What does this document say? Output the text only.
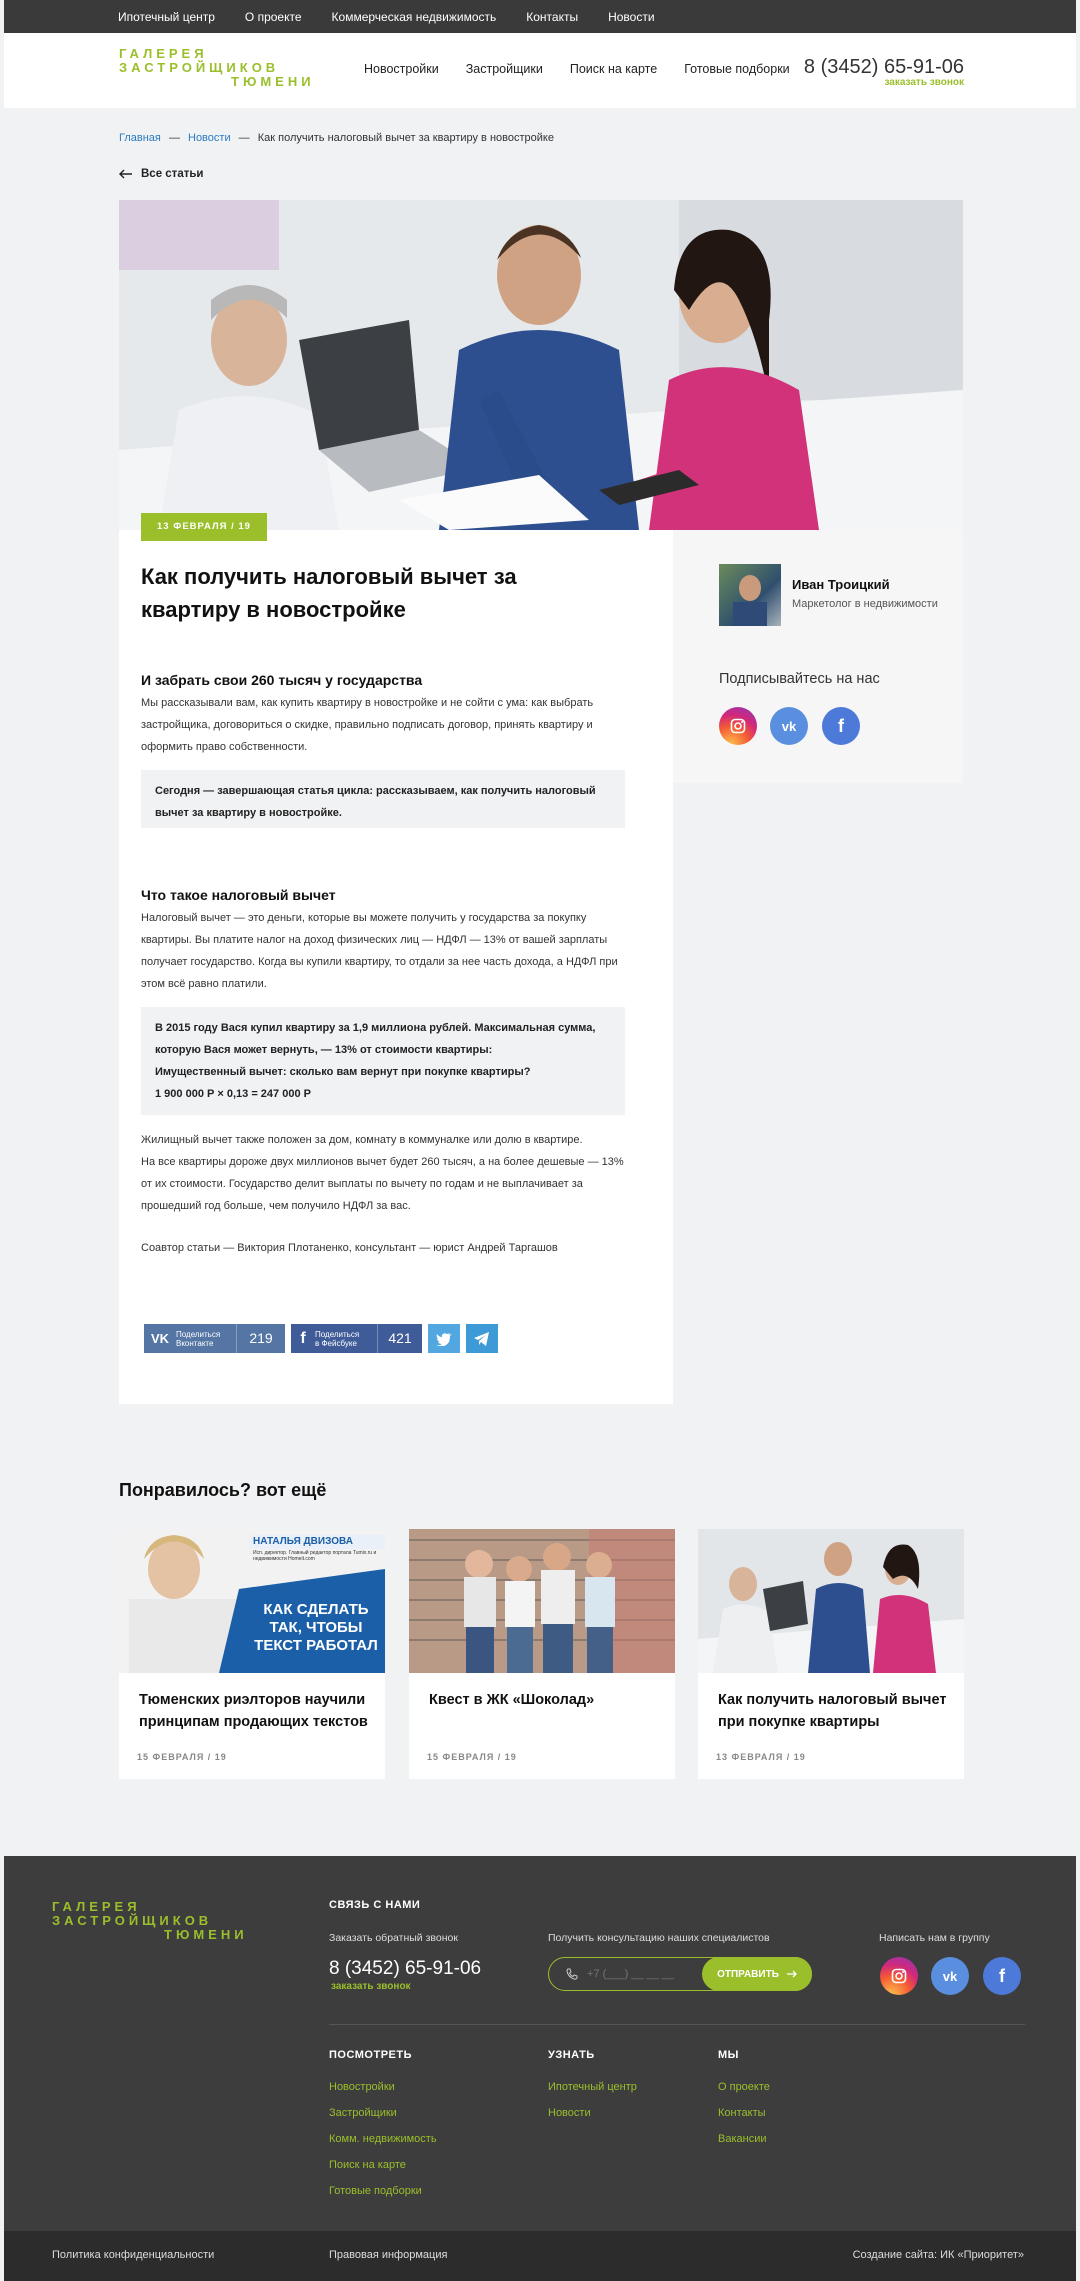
Ипотечный центр	О проекте	Коммерческая недвижимость	Контакты	Новости
ГАЛЕРЕЯ
ЗАСТРОЙЩИКОВ
ТЮМЕНИ
Новостройки Застройщики Поиск на карте Готовые подборки 8 (3452) 65-91-06
заказать звонок
Главная — Новости — Как получить налоговый вычет за квартиру в новостройке
Все статьи
Как получить налоговый вычет за квартиру в новостройке
И забрать свои 260 тысяч у государства

Мы рассказывали вам, как купить квартиру в новостройке и не сойти с ума: как выбрать застройщика, договориться о скидке, правильно подписать договор, принять квартиру и оформить право собственности.

Сегодня — завершающая статья цикла: рассказываем, как получить налоговый вычет за квартиру в новостройке.
Что такое налоговый вычет

Налоговый вычет — это деньги, которые вы можете получить у государства за покупку квартиры. Вы платите налог на доход физических лиц — НДФЛ — 13% от вашей зарплаты получает государство. Когда вы купили квартиру, то отдали за нее часть дохода, а НДФЛ при этом всё равно платили.

В 2015 году Вася купил квартиру за 1,9 миллиона рублей. Максимальная сумма, которую Вася может вернуть, — 13% от стоимости квартиры:
Имущественный вычет: сколько вам вернут при покупке квартиры?
1 900 000 Р × 0,13 = 247 000 Р

Жилищный вычет также положен за дом, комнату в коммуналке или долю в квартире.

На все квартиры дороже двух миллионов вычет будет 260 тысяч, а на более дешевые — 13% от их стоимости. Государство делит выплаты по вычету по годам и не выплачивает за прошедший год больше, чем получило НДФЛ за вас.

Соавтор статьи — Виктория Плотаненко, консультант — юрист Андрей Таргашов

VK Поделиться
Вконтакте	219	f	Поделиться
в Фейсбуке	421
13 ФЕВРАЛЯ / 19
Иван Троицкий
Маркетолог в недвижимости
Подписывайтесь на нас
vk f
Понравилось? вот ещё
НАТАЛЬЯ ДВИЗОВА
Исп. директор. Главный редактор портала Tumix.ru и недвижимости Homeit.com
КАК СДЕЛАТЬ ТАК, ЧТОБЫ ТЕКСТ РАБОТАЛ
Тюменских риэлторов научили принципам продающих текстов
15 ФЕВРАЛЯ / 19
Квест в ЖК «Шоколад»
15 ФЕВРАЛЯ / 19
Как получить налоговый вычет при покупке квартиры
13 ФЕВРАЛЯ / 19
ГАЛЕРЕЯ
ЗАСТРОЙЩИКОВ
ТЮМЕНИ
СВЯЗЬ С НАМИ
Заказать обратный звонок
8 (3452) 65-91-06
заказать звонок
Получить консультацию наших специалистов
+7 (___) __ __ __
ОТПРАВИТЬ
Написать нам в группу
vk f
ПОСМОТРЕТЬ
Новостройки
Застройщики
Комм. недвижимость
Поиск на карте
Готовые подборки
УЗНАТЬ
Ипотечный центр
Новости
МЫ
О проекте
Контакты
Вакансии
Политика конфиденциальности	Правовая информация	Создание сайта: ИК «Приоритет»
